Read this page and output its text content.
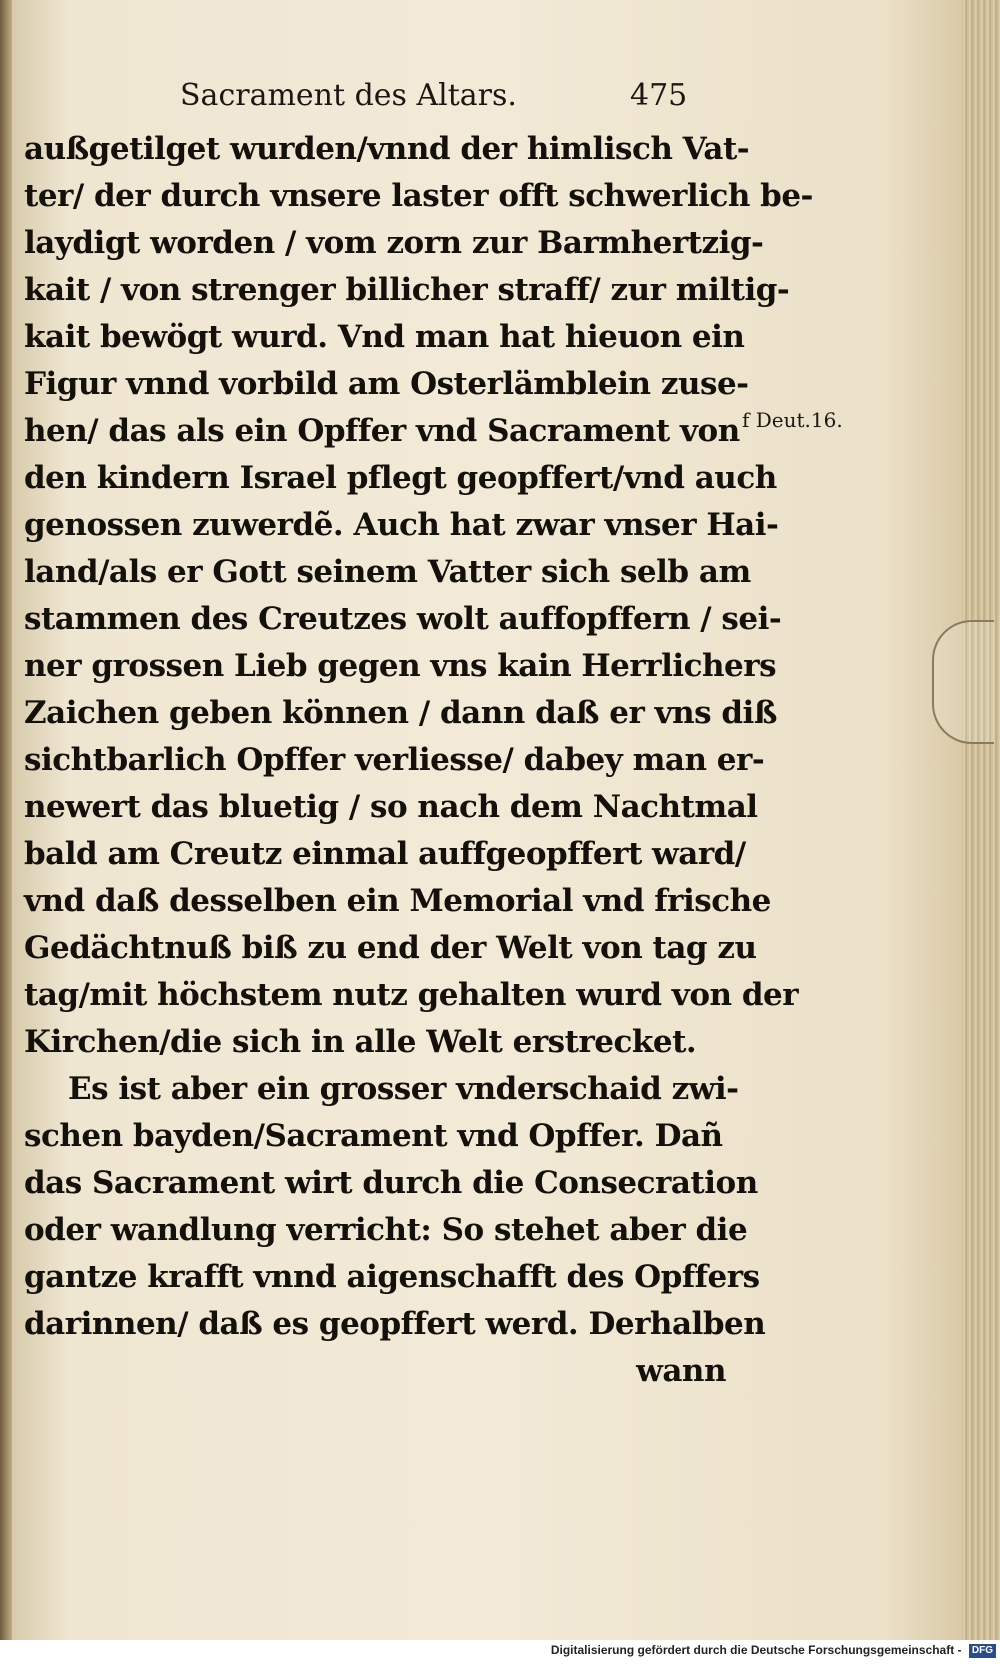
Sacrament des Altars.	475
außgetilget wurden/vnnd der himlisch Vat-
ter/ der durch vnsere laster offt schwerlich be-
laydigt worden / vom zorn zur Barmhertzig-
kait / von strenger billicher straff/ zur miltig-
kait bewögt wurd. Vnd man hat hieuon ein
Figur vnnd vorbild am Osterlämblein zuse-
hen/ das als ein Opffer vnd Sacrament von
den kindern Israel pflegt geopffert/vnd auch
genossen zuwerdẽ. Auch hat zwar vnser Hai-
land/als er Gott seinem Vatter sich selb am
stammen des Creutzes wolt auffopffern / sei-
ner grossen Lieb gegen vns kain Herrlichers
Zaichen geben können / dann daß er vns diß
sichtbarlich Opffer verliesse/ dabey man er-
newert das bluetig / so nach dem Nachtmal
bald am Creutz einmal auffgeopffert ward/
vnd daß desselben ein Memorial vnd frische
Gedächtnuß biß zu end der Welt von tag zu
tag/mit höchstem nutz gehalten wurd von der
Kirchen/die sich in alle Welt erstrecket.
Es ist aber ein grosser vnderschaid zwi-
schen bayden/Sacrament vnd Opffer. Dañ
das Sacrament wirt durch die Consecration
oder wandlung verricht: So stehet aber die
gantze krafft vnnd aigenschafft des Opffers
darinnen/ daß es geopffert werd. Derhalben
wann
f Deut.16.
Digitalisierung gefördert durch die Deutsche Forschungsgemeinschaft - DFG
